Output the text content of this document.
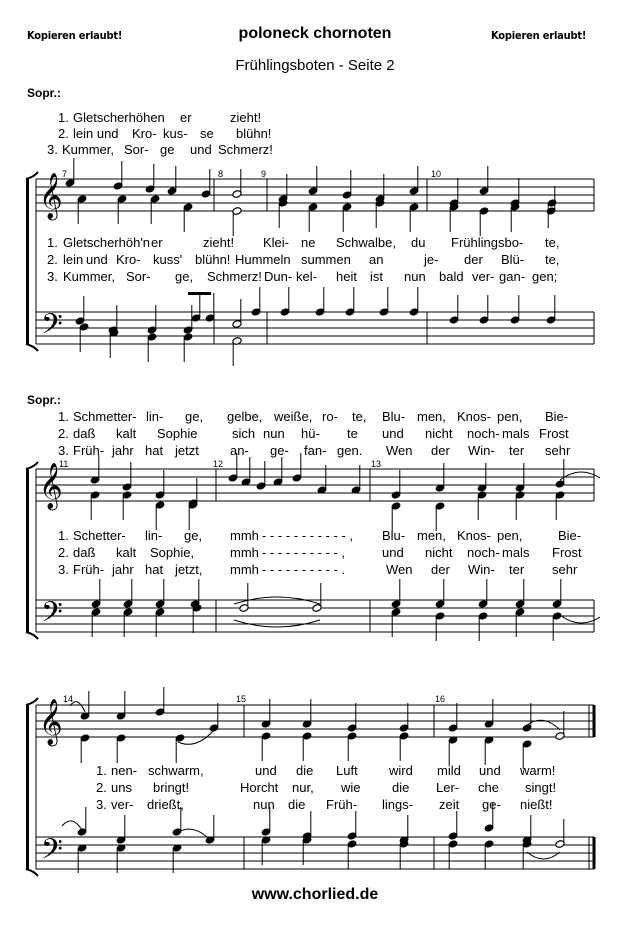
Kopieren erlaubt!	poloneck chornoten	Kopieren erlaubt!
Frühlingsboten - Seite 2
𝄞
𝄢
𝄞
𝄢
𝄞
𝄢
Sopr.:
1. Gletscherhöhen er	zieht!
2. lein und Kro- kus- se blühn!
3. Kummer, Sor- ge und Schmerz!
7	8	9	10
1. Gletscherhöh'n er	zieht! Klei- ne Schwalbe, du Frühlingsbo- te,
2. lein und Kro- kuss' blühn! Hummeln summen an	je- der Blü- te,
3. Kummer, Sor- ge, Schmerz! Dun- kel- heit ist nun bald ver- gan- gen;
Sopr.:
1. Schmetter- lin- ge, gelbe, weiße, ro- te, Blu- men, Knos- pen, Bie-
2. daß kalt Sophie	sich nun hü- te und nicht noch- mals Frost
3. Früh- jahr hat jetzt an- ge- fan- gen. Wen der Win- ter sehr
11	12	13
1. Schetter- lin- ge, mmh - - - - - - - - - - - , Blu- men, Knos- pen,	Bie-
2. daß kalt Sophie,	mmh - - - - - - - - - - ,	und nicht noch- mals Frost
3. Früh- jahr hat jetzt, mmh - - - - - - - - - - .	Wen der Win- ter sehr
14	15	16
1. nen- schwarm,	und die Luft wird mild und warm!
2. uns bringt!	Horcht nur, wie die Ler- che singt!
3. ver- drießt,	nun die Früh- lings- zeit ge- nießt!
www.chorlied.de
